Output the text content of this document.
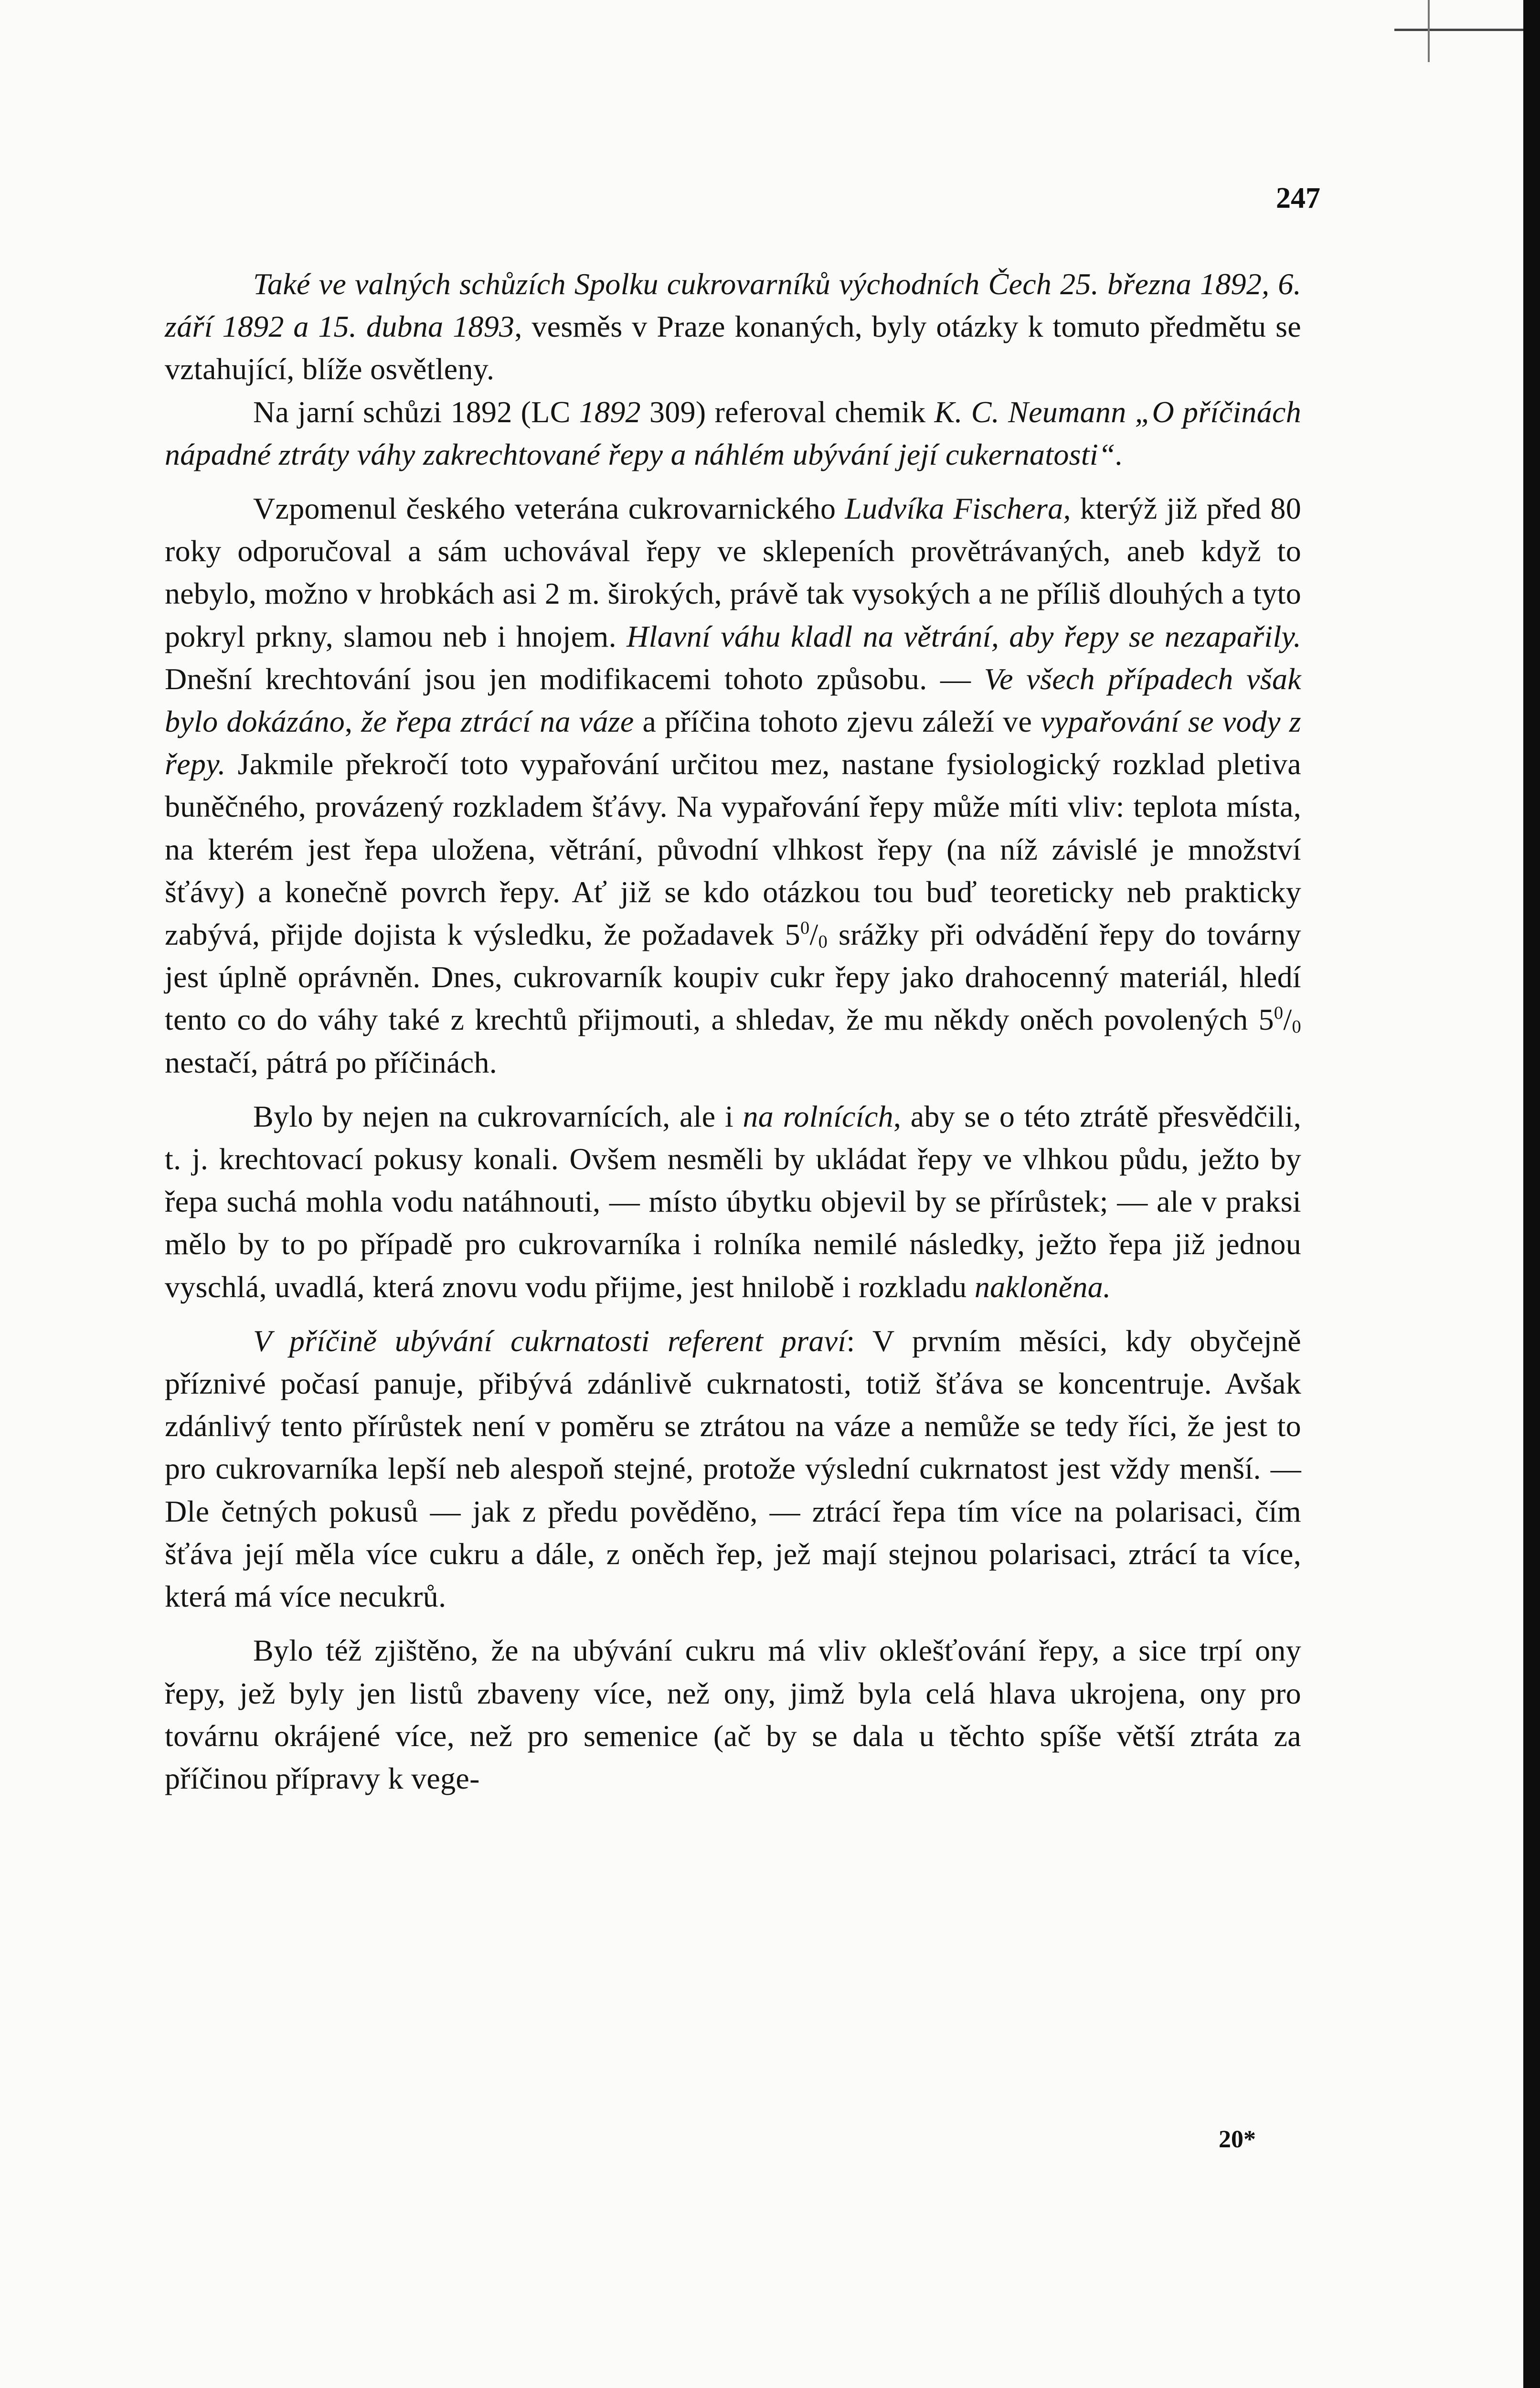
247

Také ve valných schůzích Spolku cukrovarníků východních Čech 25. března 1892, 6. září 1892 a 15. dubna 1893, vesměs v Praze konaných, byly otázky k tomuto předmětu se vztahující, blíže osvětleny.

Na jarní schůzi 1892 (LC 1892 309) referoval chemik K. C. Neumann „O příčinách nápadné ztráty váhy zakrechtované řepy a náhlém ubývání její cukernatosti“.

Vzpomenul českého veterána cukrovarnického Ludvíka Fischera, kterýž již před 80 roky odporučoval a sám uchovával řepy ve sklepeních provětrávaných, aneb když to nebylo, možno v hrobkách asi 2 m. širokých, právě tak vysokých a ne příliš dlouhých a tyto pokryl prkny, slamou neb i hnojem. Hlavní váhu kladl na větrání, aby řepy se nezapařily. Dnešní krechtování jsou jen modifikacemi tohoto způsobu. — Ve všech případech však bylo dokázáno, že řepa ztrácí na váze a příčina tohoto zjevu záleží ve vypařování se vody z řepy. Jakmile překročí toto vypařování určitou mez, nastane fysiologický rozklad pletiva buněčného, provázený rozkladem šťávy. Na vypařování řepy může míti vliv: teplota místa, na kterém jest řepa uložena, větrání, původní vlhkost řepy (na níž závislé je množství šťávy) a konečně povrch řepy. Ať již se kdo otázkou tou buď teoreticky neb prakticky zabývá, přijde dojista k výsledku, že požadavek $5^0/_0$ srážky při odvádění řepy do továrny jest úplně oprávněn. Dnes, cukrovarník koupiv cukr řepy jako drahocenný materiál, hledí tento co do váhy také z krechtů přijmouti, a shledav, že mu někdy oněch povolených $5^0/_0$ nestačí, pátrá po příčinách.

Bylo by nejen na cukrovarnících, ale i na rolnících, aby se o této ztrátě přesvědčili, t. j. krechtovací pokusy konali. Ovšem nesměli by ukládat řepy ve vlhkou půdu, ježto by řepa suchá mohla vodu natáhnouti, — místo úbytku objevil by se přírůstek; — ale v praksi mělo by to po případě pro cukrovarníka i rolníka nemilé následky, ježto řepa již jednou vyschlá, uvadlá, která znovu vodu přijme, jest hnilobě i rozkladu nakloněna.

V příčině ubývání cukrnatosti referent praví: V prvním měsíci, kdy obyčejně příznivé počasí panuje, přibývá zdánlivě cukrnatosti, totiž šťáva se koncentruje. Avšak zdánlivý tento přírůstek není v poměru se ztrátou na váze a nemůže se tedy říci, že jest to pro cukrovarníka lepší neb alespoň stejné, protože výslední cukrnatost jest vždy menší. — Dle četných pokusů — jak z předu pověděno, — ztrácí řepa tím více na polarisaci, čím šťáva její měla více cukru a dále, z oněch řep, jež mají stejnou polarisaci, ztrácí ta více, která má více necukrů.

Bylo též zjištěno, že na ubývání cukru má vliv oklešťování řepy, a sice trpí ony řepy, jež byly jen listů zbaveny více, než ony, jimž byla celá hlava ukrojena, ony pro továrnu okrájené více, než pro semenice (ač by se dala u těchto spíše větší ztráta za příčinou přípravy k vege-

20*
